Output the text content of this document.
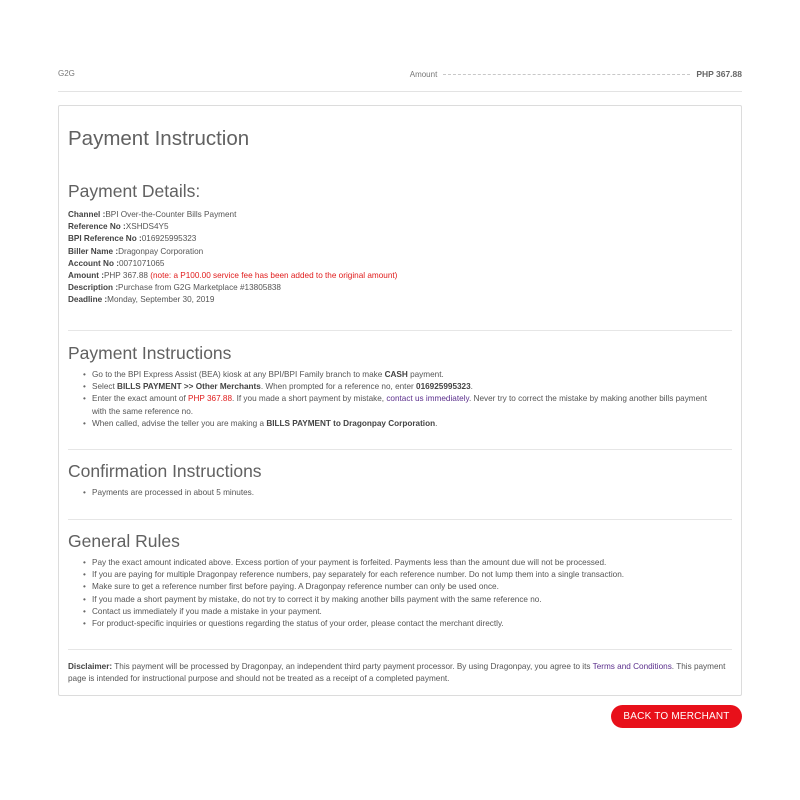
G2G	Amount	PHP 367.88
Payment Instruction
Payment Details:
Channel :BPI Over-the-Counter Bills Payment
Reference No :XSHDS4Y5
BPI Reference No :016925995323
Biller Name :Dragonpay Corporation
Account No :0071071065
Amount :PHP 367.88 (note: a P100.00 service fee has been added to the original amount)
Description :Purchase from G2G Marketplace #13805838
Deadline :Monday, September 30, 2019
Payment Instructions
• Go to the BPI Express Assist (BEA) kiosk at any BPI/BPI Family branch to make CASH payment.
• Select BILLS PAYMENT >> Other Merchants. When prompted for a reference no, enter 016925995323.
• Enter the exact amount of PHP 367.88. If you made a short payment by mistake, contact us immediately. Never try to correct the mistake by making another bills payment with the same reference no.
• When called, advise the teller you are making a BILLS PAYMENT to Dragonpay Corporation.
Confirmation Instructions
• Payments are processed in about 5 minutes.
General Rules
• Pay the exact amount indicated above. Excess portion of your payment is forfeited. Payments less than the amount due will not be processed.
• If you are paying for multiple Dragonpay reference numbers, pay separately for each reference number. Do not lump them into a single transaction.
• Make sure to get a reference number first before paying. A Dragonpay reference number can only be used once.
• If you made a short payment by mistake, do not try to correct it by making another bills payment with the same reference no.
• Contact us immediately if you made a mistake in your payment.
• For product-specific inquiries or questions regarding the status of your order, please contact the merchant directly.
Disclaimer: This payment will be processed by Dragonpay, an independent third party payment processor. By using Dragonpay, you agree to its Terms and Conditions. This payment page is intended for instructional purpose and should not be treated as a receipt of a completed payment.
BACK TO MERCHANT
